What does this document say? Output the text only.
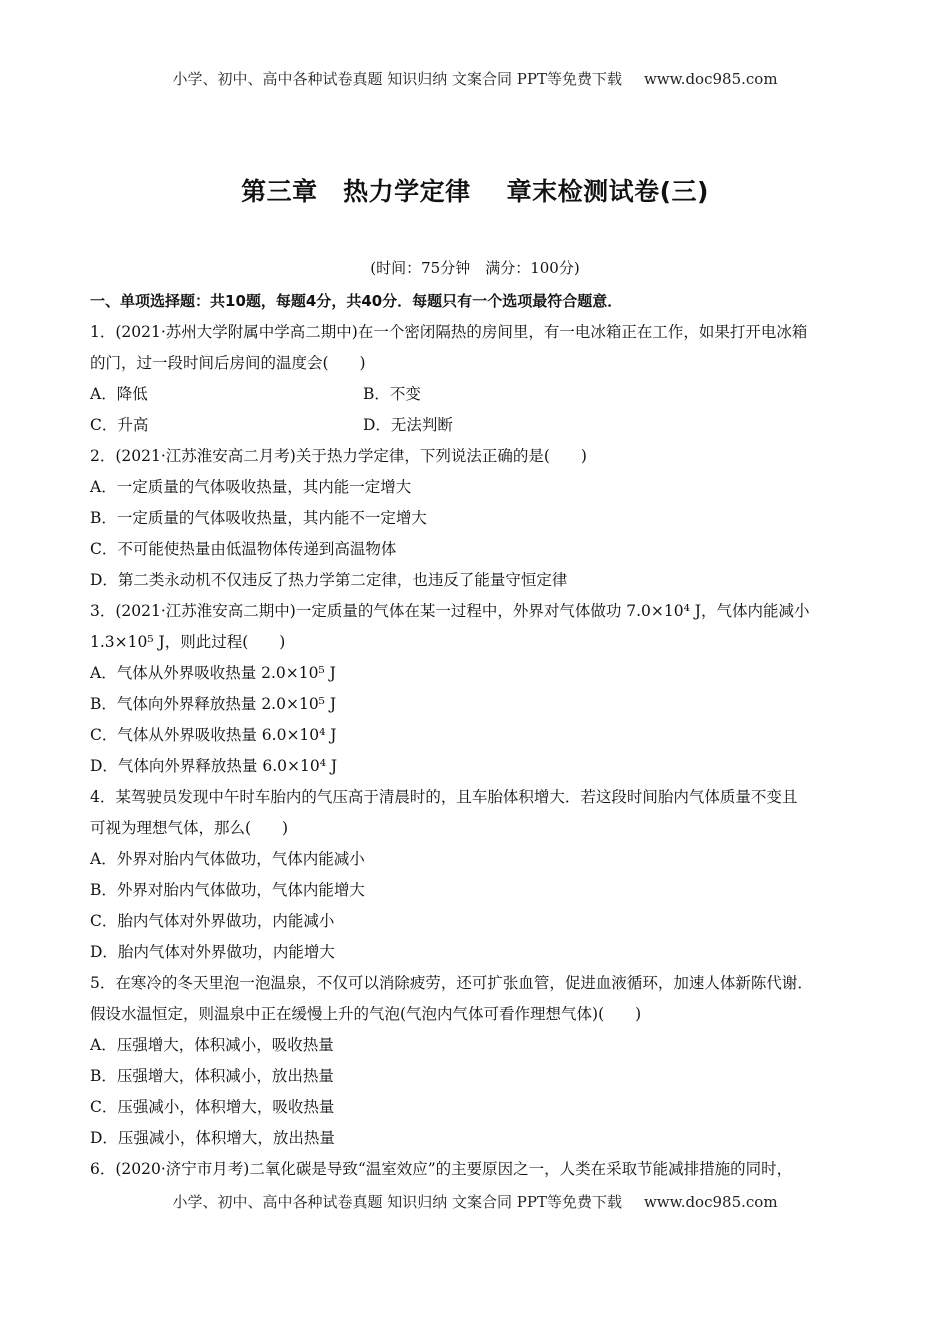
小学、初中、高中各种试卷真题 知识归纳 文案合同 PPT等免费下载 www.doc985.com
第三章　热力学定律 章末检测试卷(三)
(时间：75分钟　满分：100分)
一、单项选择题：共10题，每题4分，共40分．每题只有一个选项最符合题意．
1．(2021·苏州大学附属中学高二期中)在一个密闭隔热的房间里，有一电冰箱正在工作，如果打开电冰箱
的门，过一段时间后房间的温度会(　　)
A．降低	B．不变
C．升高	D．无法判断
2．(2021·江苏淮安高二月考)关于热力学定律，下列说法正确的是(　　)
A．一定质量的气体吸收热量，其内能一定增大
B．一定质量的气体吸收热量，其内能不一定增大
C．不可能使热量由低温物体传递到高温物体
D．第二类永动机不仅违反了热力学第二定律，也违反了能量守恒定律
3．(2021·江苏淮安高二期中)一定质量的气体在某一过程中，外界对气体做功 7.0×10⁴ J，气体内能减小
1.3×10⁵ J，则此过程(　　)
A．气体从外界吸收热量 2.0×10⁵ J
B．气体向外界释放热量 2.0×10⁵ J
C．气体从外界吸收热量 6.0×10⁴ J
D．气体向外界释放热量 6.0×10⁴ J
4．某驾驶员发现中午时车胎内的气压高于清晨时的，且车胎体积增大．若这段时间胎内气体质量不变且
可视为理想气体，那么(　　)
A．外界对胎内气体做功，气体内能减小
B．外界对胎内气体做功，气体内能增大
C．胎内气体对外界做功，内能减小
D．胎内气体对外界做功，内能增大
5．在寒冷的冬天里泡一泡温泉，不仅可以消除疲劳，还可扩张血管，促进血液循环，加速人体新陈代谢．
假设水温恒定，则温泉中正在缓慢上升的气泡(气泡内气体可看作理想气体)(　　)
A．压强增大，体积减小，吸收热量
B．压强增大，体积减小，放出热量
C．压强减小，体积增大，吸收热量
D．压强减小，体积增大，放出热量
6．(2020·济宁市月考)二氧化碳是导致“温室效应”的主要原因之一，人类在采取节能减排措施的同时，
小学、初中、高中各种试卷真题 知识归纳 文案合同 PPT等免费下载 www.doc985.com
